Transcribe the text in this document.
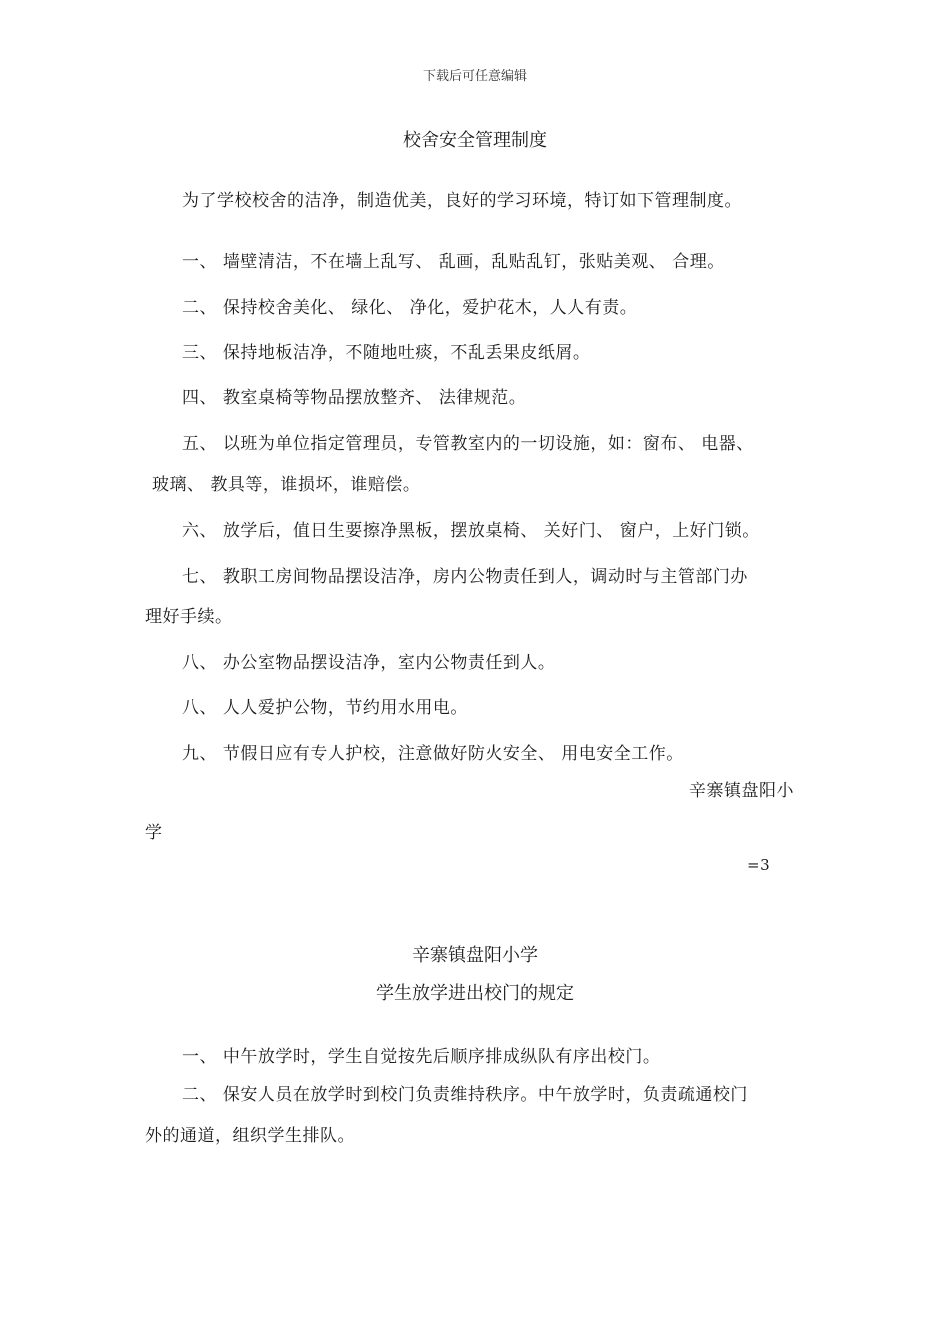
下载后可任意编辑
校舍安全管理制度
为了学校校舍的洁净，制造优美，良好的学习环境，特订如下管理制度。
一、 墙壁清洁，不在墙上乱写、 乱画，乱贴乱钉，张贴美观、 合理。
二、 保持校舍美化、 绿化、 净化，爱护花木，人人有责。
三、 保持地板洁净，不随地吐痰，不乱丢果皮纸屑。
四、 教室桌椅等物品摆放整齐、 法律规范。
五、 以班为单位指定管理员，专管教室内的一切设施，如：窗布、 电器、
玻璃、 教具等，谁损坏，谁赔偿。
六、 放学后，值日生要擦净黑板，摆放桌椅、 关好门、 窗户，上好门锁。
七、 教职工房间物品摆设洁净，房内公物责任到人，调动时与主管部门办
理好手续。
八、 办公室物品摆设洁净，室内公物责任到人。
八、 人人爱护公物，节约用水用电。
九、 节假日应有专人护校，注意做好防火安全、 用电安全工作。
辛寨镇盘阳小
学
=3
辛寨镇盘阳小学
学生放学进出校门的规定
一、 中午放学时，学生自觉按先后顺序排成纵队有序出校门。
二、 保安人员在放学时到校门负责维持秩序。中午放学时，负责疏通校门
外的通道，组织学生排队。
